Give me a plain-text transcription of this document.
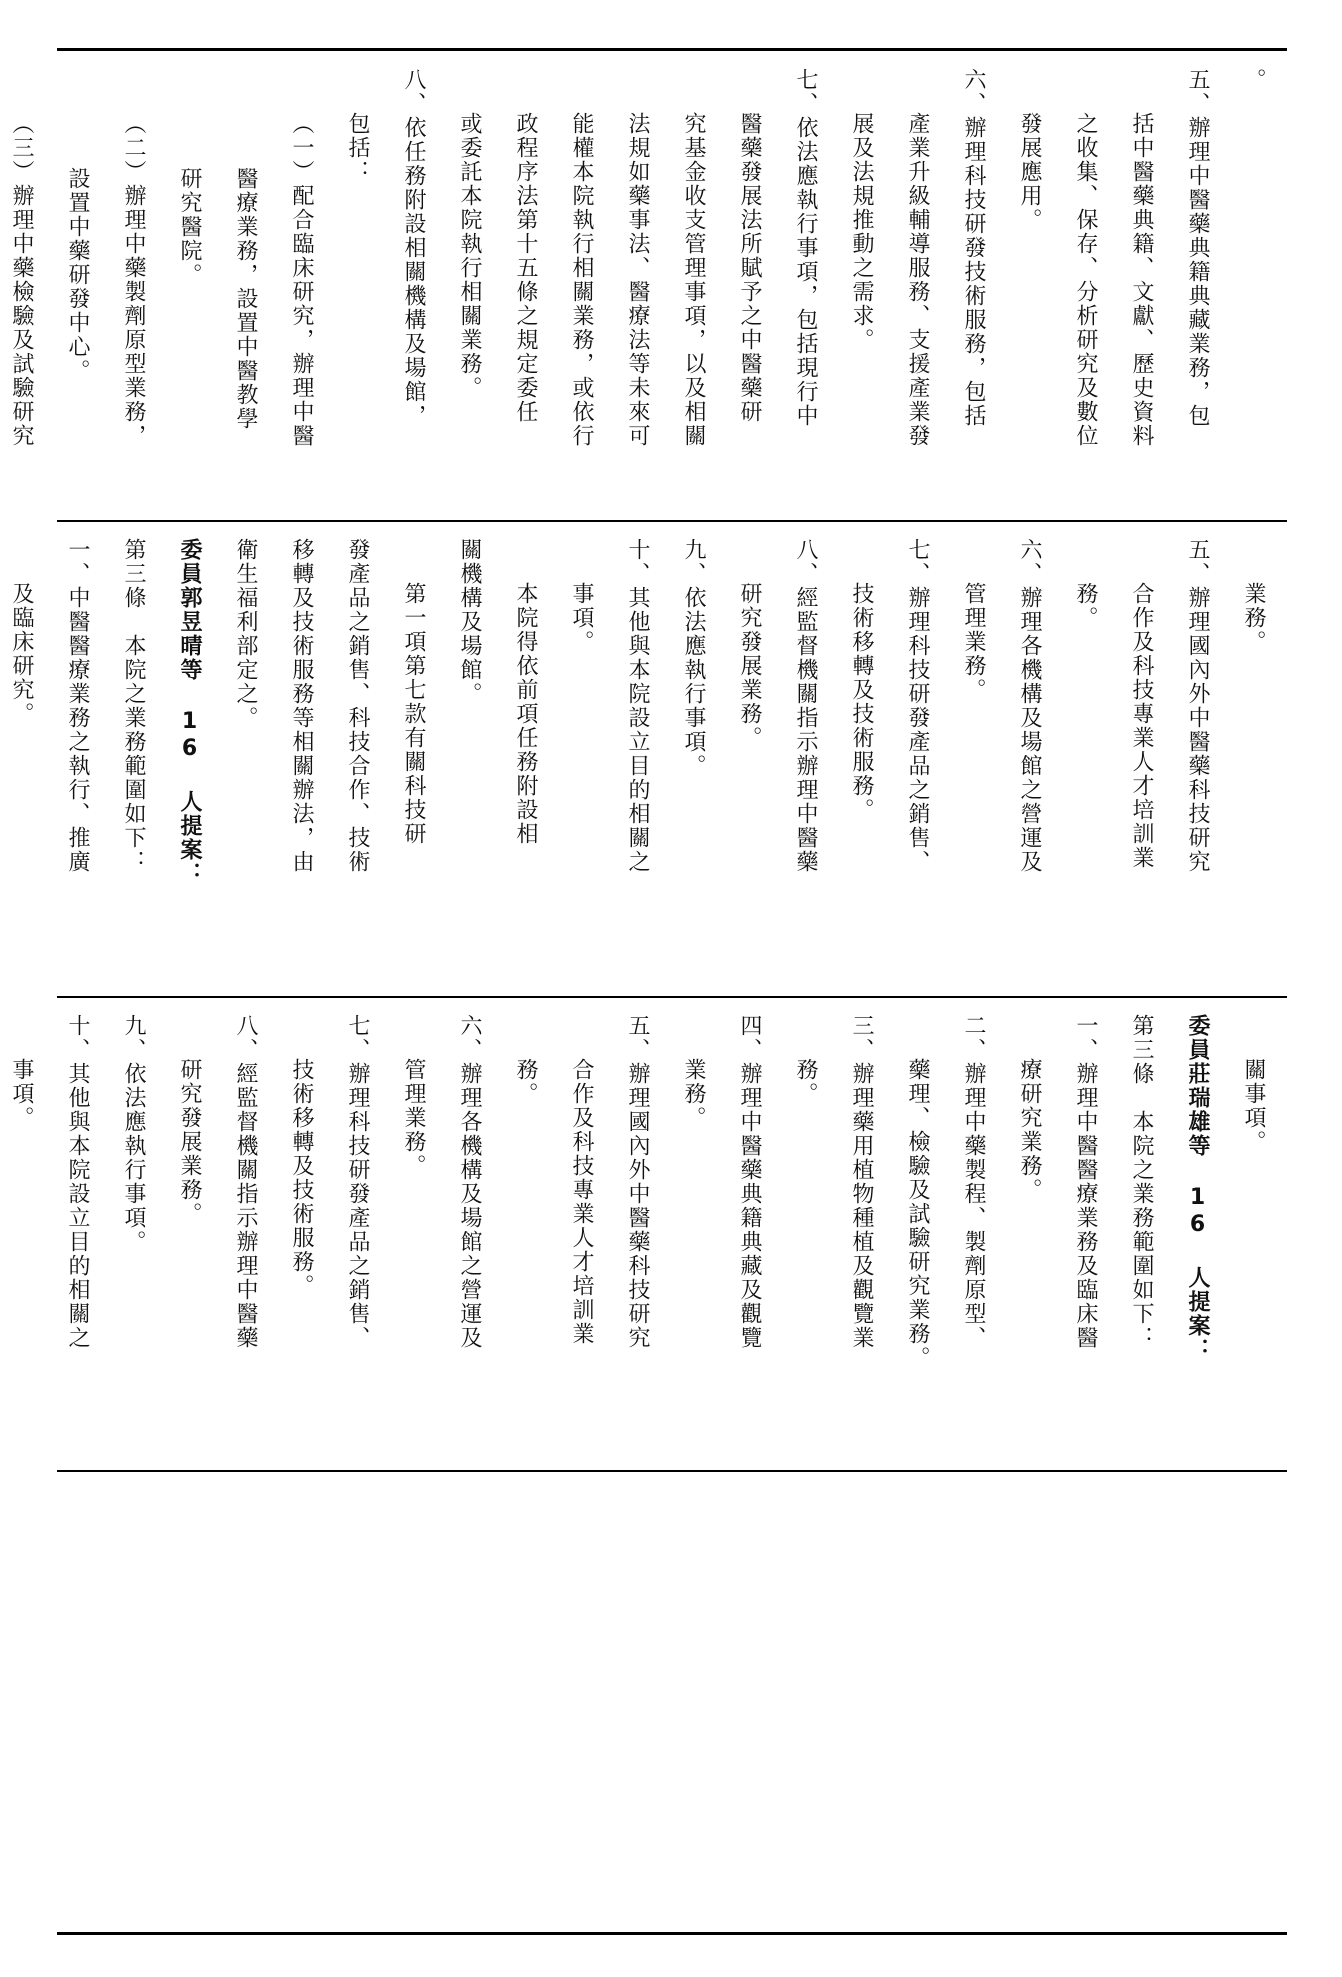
。
五、辦理中醫藥典籍典藏業務，包
括中醫藥典籍、文獻、歷史資料
之收集、保存、分析研究及數位
發展應用。
六、辦理科技研發技術服務，包括
產業升級輔導服務、支援產業發
展及法規推動之需求。
七、依法應執行事項，包括現行中
醫藥發展法所賦予之中醫藥研
究基金收支管理事項，以及相關
法規如藥事法、醫療法等未來可
能權本院執行相關業務，或依行
政程序法第十五條之規定委任
或委託本院執行相關業務。
八、依任務附設相關機構及場館，
包括：
（一）配合臨床研究，辦理中醫
醫療業務，設置中醫教學
研究醫院。
（二）辦理中藥製劑原型業務，
設置中藥研發中心。
（三）辦理中藥檢驗及試驗研究
業務。
五、辦理國內外中醫藥科技研究
合作及科技專業人才培訓業
務。
六、辦理各機構及場館之營運及
管理業務。
七、辦理科技研發產品之銷售、
技術移轉及技術服務。
八、經監督機關指示辦理中醫藥
研究發展業務。
九、依法應執行事項。
十、其他與本院設立目的相關之
事項。
本院得依前項任務附設相
關機構及場館。
第一項第七款有關科技研
發產品之銷售、科技合作、技術
移轉及技術服務等相關辦法，由
衛生福利部定之。
委員郭昱晴等 16 人提案：
第三條　本院之業務範圍如下：
一、中醫醫療業務之執行、推廣
及臨床研究。
關事項。
委員莊瑞雄等 16 人提案：
第三條　本院之業務範圍如下：
一、辦理中醫醫療業務及臨床醫
療研究業務。
二、辦理中藥製程、製劑原型、
藥理、檢驗及試驗研究業務。
三、辦理藥用植物種植及觀覽業
務。
四、辦理中醫藥典籍典藏及觀覽
業務。
五、辦理國內外中醫藥科技研究
合作及科技專業人才培訓業
務。
六、辦理各機構及場館之營運及
管理業務。
七、辦理科技研發產品之銷售、
技術移轉及技術服務。
八、經監督機關指示辦理中醫藥
研究發展業務。
九、依法應執行事項。
十、其他與本院設立目的相關之
事項。
